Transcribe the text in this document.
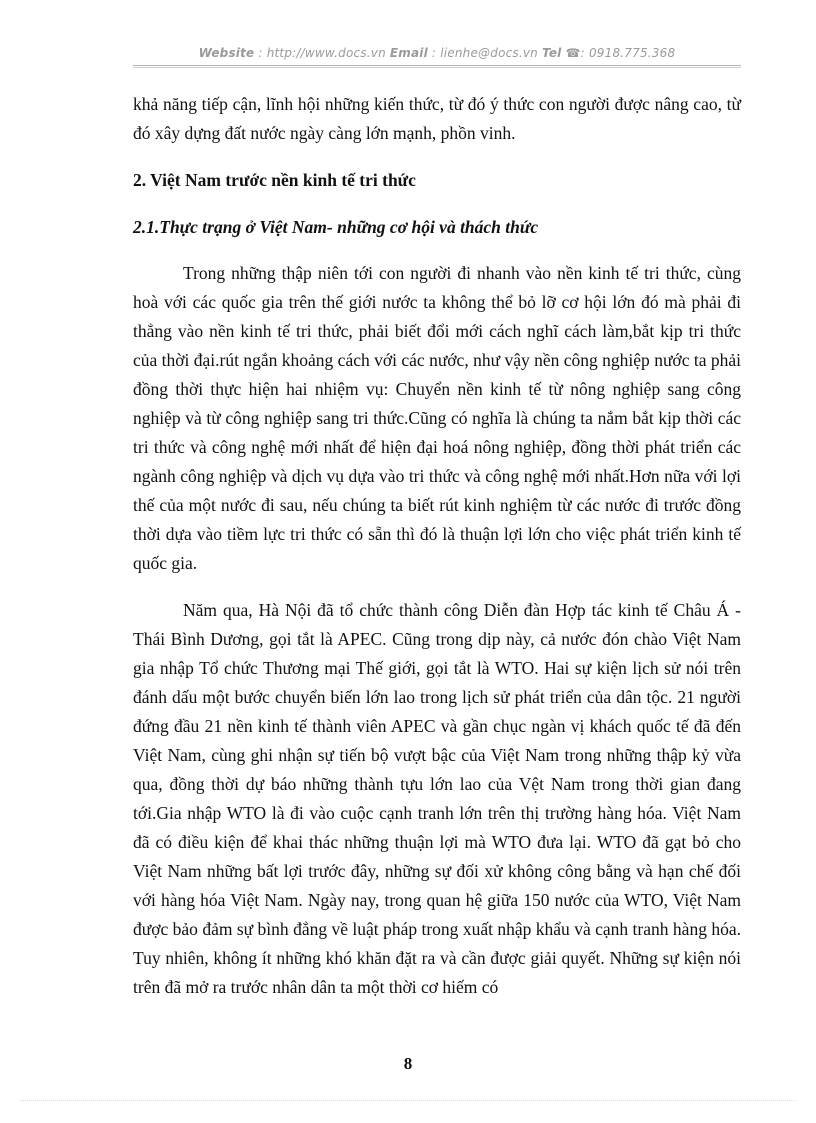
Website : http://www.docs.vn Email : lienhe@docs.vn Tel ☎: 0918.775.368

khả năng tiếp cận, lĩnh hội những kiến thức, từ đó ý thức con người được nâng cao, từ đó xây dựng đất nước ngày càng lớn mạnh, phồn vinh.

2. Việt Nam trước nền kinh tế tri thức
2.1.Thực trạng ở Việt Nam- những cơ hội và thách thức

Trong những thập niên tới con người đi nhanh vào nền kinh tế tri thức, cùng hoà với các quốc gia trên thế giới nước ta không thể bỏ lỡ cơ hội lớn đó mà phải đi thẳng vào nền kinh tế tri thức, phải biết đổi mới cách nghĩ cách làm,bắt kịp tri thức của thời đại.rút ngắn khoảng cách với các nước, như vậy nền công nghiệp nước ta phải đồng thời thực hiện hai nhiệm vụ: Chuyển nền kinh tế từ nông nghiệp sang công nghiệp và từ công nghiệp sang tri thức.Cũng có nghĩa là chúng ta nắm bắt kịp thời các tri thức và công nghệ mới nhất để hiện đại hoá nông nghiệp, đồng thời phát triển các ngành công nghiệp và dịch vụ dựa vào tri thức và công nghệ mới nhất.Hơn nữa với lợi thế của một nước đi sau, nếu chúng ta biết rút kinh nghiệm từ các nước đi trước đồng thời dựa vào tiềm lực tri thức có sẵn thì đó là thuận lợi lớn cho việc phát triển kinh tế quốc gia.

Năm qua, Hà Nội đã tổ chức thành công Diễn đàn Hợp tác kinh tế Châu Á - Thái Bình Dương, gọi tắt là APEC. Cũng trong dịp này, cả nước đón chào Việt Nam gia nhập Tổ chức Thương mại Thế giới, gọi tắt là WTO. Hai sự kiện lịch sử nói trên đánh dấu một bước chuyển biến lớn lao trong lịch sử phát triển của dân tộc. 21 người đứng đầu 21 nền kinh tế thành viên APEC và gần chục ngàn vị khách quốc tế đã đến Việt Nam, cùng ghi nhận sự tiến bộ vượt bậc của Việt Nam trong những thập kỷ vừa qua, đồng thời dự báo những thành tựu lớn lao của Vệt Nam trong thời gian đang tới.Gia nhập WTO là đi vào cuộc cạnh tranh lớn trên thị trường hàng hóa. Việt Nam đã có điều kiện để khai thác những thuận lợi mà WTO đưa lại. WTO đã gạt bỏ cho Việt Nam những bất lợi trước đây, những sự đối xử không công bằng và hạn chế đối với hàng hóa Việt Nam. Ngày nay, trong quan hệ giữa 150 nước của WTO, Việt Nam được bảo đảm sự bình đẳng về luật pháp trong xuất nhập khẩu và cạnh tranh hàng hóa. Tuy nhiên, không ít những khó khăn đặt ra và cần được giải quyết. Những sự kiện nói trên đã mở ra trước nhân dân ta một thời cơ hiếm có

8
